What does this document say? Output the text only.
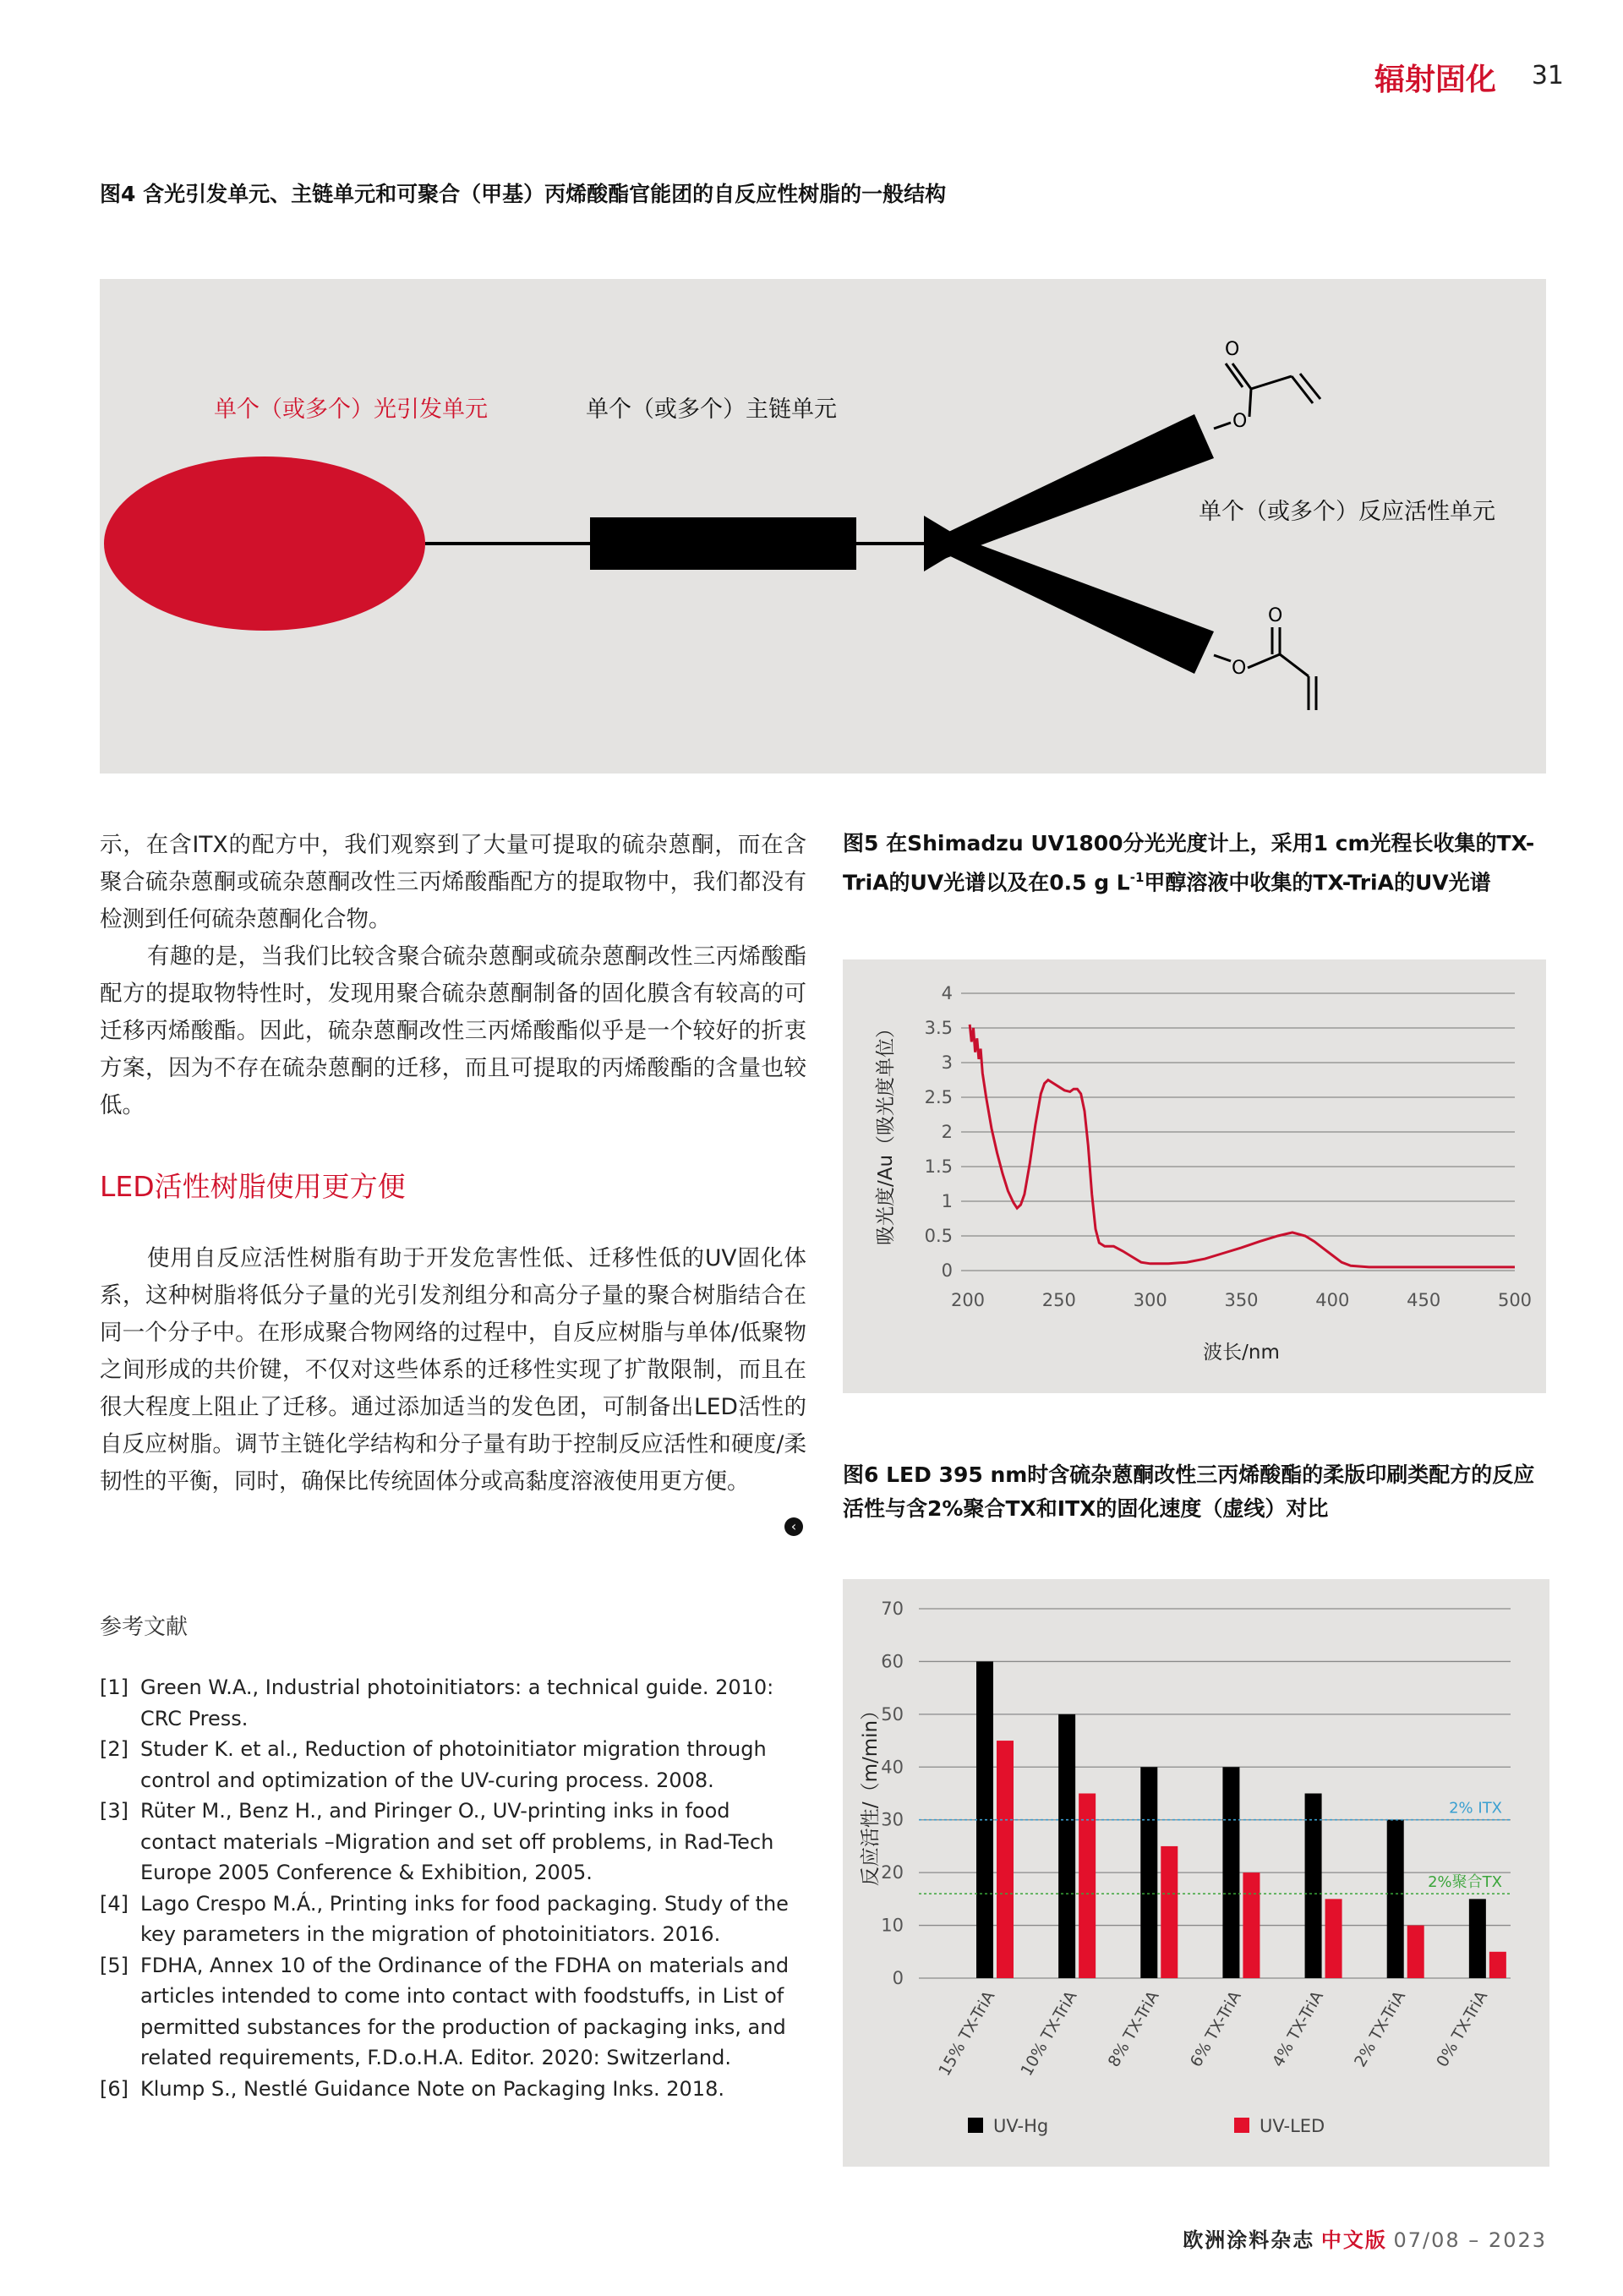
辐射固化 31
图4 含光引发单元、主链单元和可聚合（甲基）丙烯酸酯官能团的自反应性树脂的一般结构
O
O
O
O
单个（或多个）光引发单元	单个（或多个）主链单元
单个（或多个）反应活性单元

示，在含ITX的配方中，我们观察到了大量可提取的硫杂蒽酮，而在含聚合硫杂蒽酮或硫杂蒽酮改性三丙烯酸酯配方的提取物中，我们都没有检测到任何硫杂蒽酮化合物。

有趣的是，当我们比较含聚合硫杂蒽酮或硫杂蒽酮改性三丙烯酸酯配方的提取物特性时，发现用聚合硫杂蒽酮制备的固化膜含有较高的可迁移丙烯酸酯。因此，硫杂蒽酮改性三丙烯酸酯似乎是一个较好的折衷方案，因为不存在硫杂蒽酮的迁移，而且可提取的丙烯酸酯的含量也较低。

LED活性树脂使用更方便

使用自反应活性树脂有助于开发危害性低、迁移性低的UV固化体系，这种树脂将低分子量的光引发剂组分和高分子量的聚合树脂结合在同一个分子中。在形成聚合物网络的过程中，自反应树脂与单体/低聚物之间形成的共价键，不仅对这些体系的迁移性实现了扩散限制，而且在很大程度上阻止了迁移。通过添加适当的发色团，可制备出LED活性的自反应树脂。调节主链化学结构和分子量有助于控制反应活性和硬度/柔韧性的平衡，同时，确保比传统固体分或高黏度溶液使用更方便。

‹
参考文献
[1] Green W.A., Industrial photoinitiators: a technical guide. 2010: CRC Press.
[2] Studer K. et al., Reduction of photoinitiator migration through control and optimization of the UV-curing process. 2008.
[3] Rüter M., Benz H., and Piringer O., UV-printing inks in food contact materials –Migration and set off problems, in Rad-Tech Europe 2005 Conference & Exhibition, 2005.
[4] Lago Crespo M.Á., Printing inks for food packaging. Study of the key parameters in the migration of photoinitiators. 2016.
[5] FDHA, Annex 10 of the Ordinance of the FDHA on materials and articles intended to come into contact with foodstuffs, in List of permitted substances for the production of packaging inks, and related requirements, F.D.o.H.A. Editor. 2020: Switzerland.
[6] Klump S., Nestlé Guidance Note on Packaging Inks. 2018.
图5 在Shimadzu UV1800分光光度计上，采用1 cm光程长收集的TX-TriA的UV光谱以及在0.5 g $L^{-1}$甲醇溶液中收集的TX-TriA的UV光谱
0
0.5
1
1.5
2
2.5
3
3.5
4
200	250	300	350	400	450	500
波长/nm
吸光度/Au（吸光度单位）
图6 LED 395 nm时含硫杂蒽酮改性三丙烯酸酯的柔版印刷类配方的反应活性与含2%聚合TX和ITX的固化速度（虚线）对比
0
10
20
30
40
50
60
70
反应活性/（m/min）
15% TX-TriA 10% TX-TriA 8% TX-TriA 6% TX-TriA 4% TX-TriA 2% TX-TriA 0% TX-TriA
2% ITX
2%聚合TX
UV-Hg	UV-LED
欧洲涂料杂志 中文版 07/08 – 2023
